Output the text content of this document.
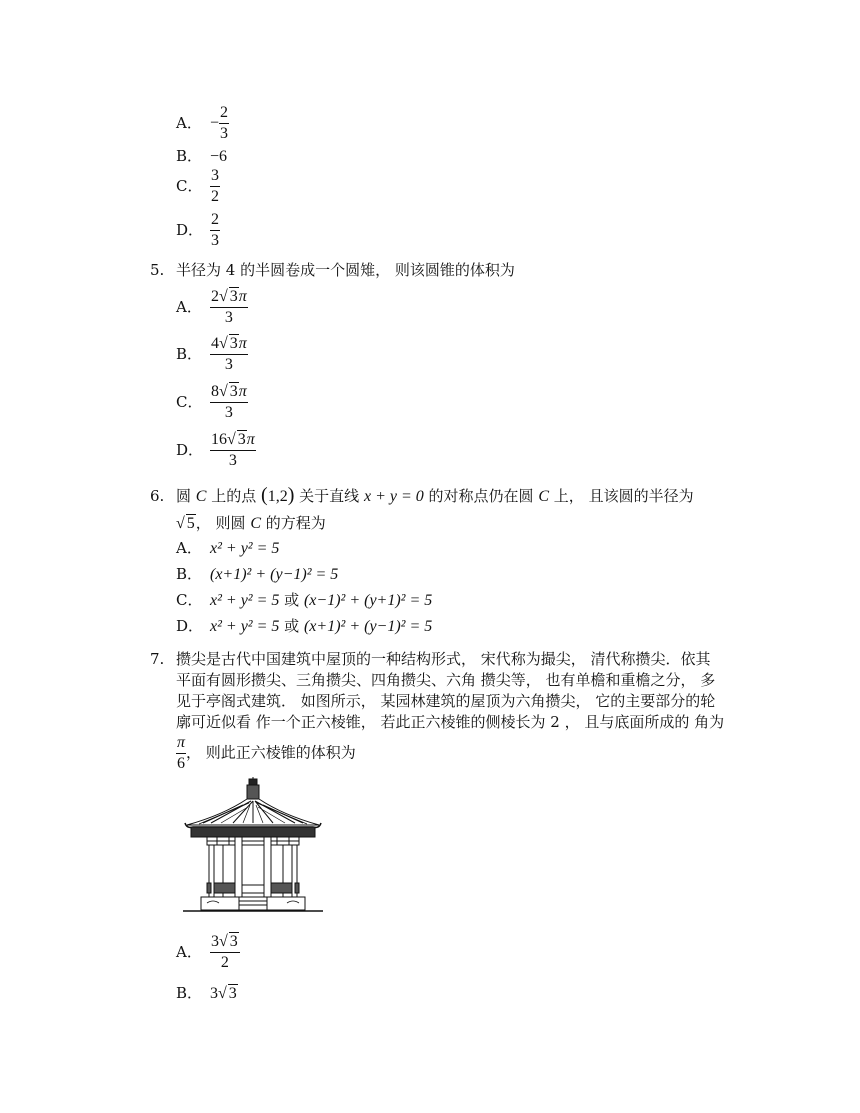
A． − $\frac{2}{3}$
B． −6
C． $\frac{3}{2}$
D． $\frac{2}{3}$
5. 半径为 4 的半圆卷成一个圆雉， 则该圆锥的体积为
A． $\frac{2√ 3\pi}{3}$
B． $\frac{4√ 3\pi}{3}$
C． $\frac{8√ 3\pi}{3}$
D． $\frac{16√ 3\pi}{3}$
6. 圆 C 上的点 (1,2) 关于直线 x + y = 0 的对称点仍在圆 C 上， 且该圆的半径为
√ 5， 则圆 C 的方程为
A． x² + y² = 5
B． (x+1)² + (y−1)² = 5
C． x² + y² = 5 或 (x−1)² + (y+1)² = 5
D． x² + y² = 5 或 (x+1)² + (y−1)² = 5
7. 攒尖是古代中国建筑中屋顶的一种结构形式， 宋代称为撮尖， 清代称攒尖．依其
平面有圆形攒尖、三角攒尖、四角攒尖、六角 攒尖等， 也有单檐和重檐之分， 多
见于亭阁式建筑． 如图所示， 某园林建筑的屋顶为六角攒尖， 它的主要部分的轮
廓可近似看 作一个正六棱锥， 若此正六棱锥的侧棱长为 2 ， 且与底面所成的 角为
$\frac{\pi}{6}$ ， 则此正六棱锥的体积为
A． $\frac{3√ 3}{2}$
B． 3√ 3
